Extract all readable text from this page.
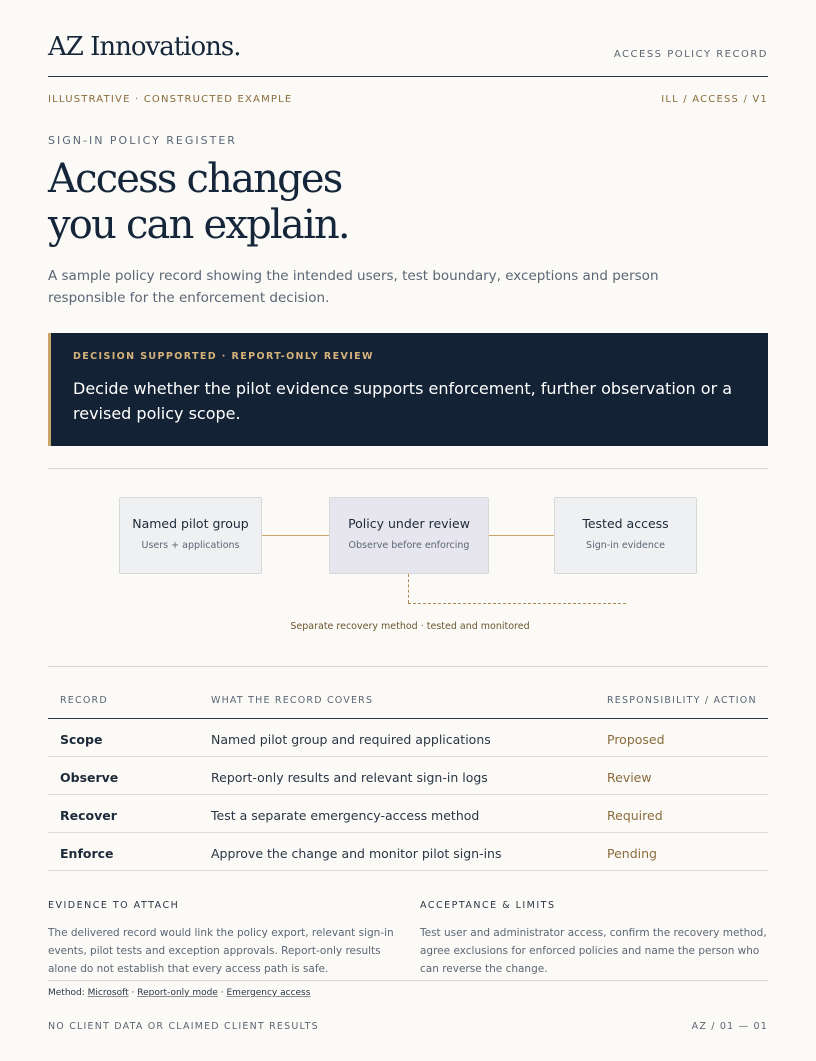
AZ Innovations.	ACCESS POLICY RECORD
ILLUSTRATIVE · CONSTRUCTED EXAMPLE	ILL / ACCESS / V1
SIGN-IN POLICY REGISTER
Access changes
you can explain.

A sample policy record showing the intended users, test boundary, exceptions and person responsible for the enforcement decision.

DECISION SUPPORTED · REPORT-ONLY REVIEW
Decide whether the pilot evidence supports enforcement, further observation or a revised policy scope.
Named pilot group
Users + applications
Policy under review
Observe before enforcing
Tested access
Sign-in evidence
Separate recovery method · tested and monitored
RECORD	WHAT THE RECORD COVERS	RESPONSIBILITY / ACTION
Scope	Named pilot group and required applications	Proposed
Observe	Report-only results and relevant sign-in logs	Review
Recover	Test a separate emergency-access method	Required
Enforce	Approve the change and monitor pilot sign-ins	Pending
EVIDENCE TO ATTACH

The delivered record would link the policy export, relevant sign-in events, pilot tests and exception approvals. Report-only results alone do not establish that every access path is safe.

ACCEPTANCE & LIMITS

Test user and administrator access, confirm the recovery method, agree exclusions for enforced policies and name the person who can reverse the change.

Method: Microsoft · Report-only mode · Emergency access
NO CLIENT DATA OR CLAIMED CLIENT RESULTS	AZ / 01 — 01
